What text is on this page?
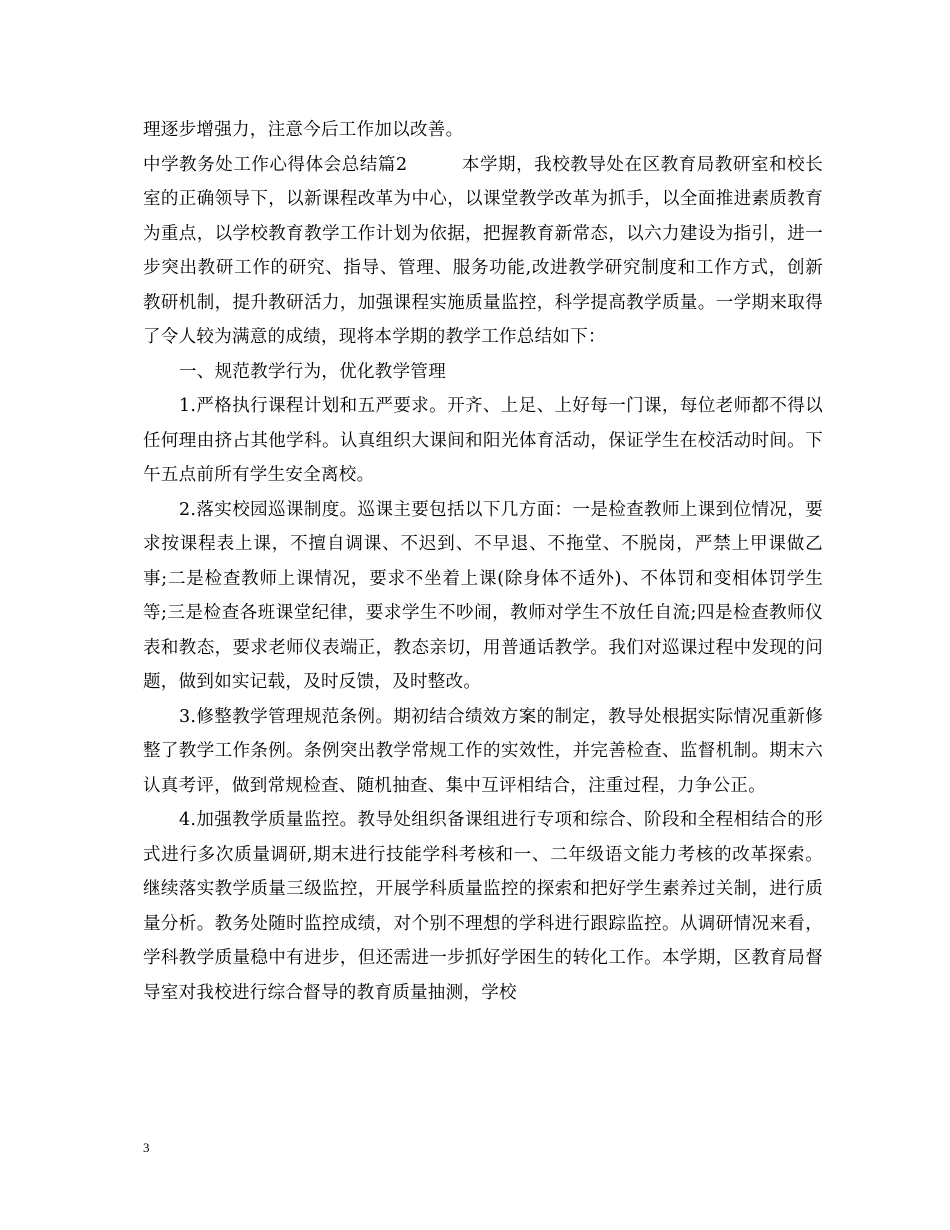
理逐步增强力，注意今后工作加以改善。

中学教务处工作心得体会总结篇2　　　本学期，我校教导处在区教育局教研室和校长室的正确领导下，以新课程改革为中心，以课堂教学改革为抓手，以全面推进素质教育为重点，以学校教育教学工作计划为依据，把握教育新常态，以六力建设为指引，进一步突出教研工作的研究、指导、管理、服务功能,改进教学研究制度和工作方式，创新教研机制，提升教研活力，加强课程实施质量监控，科学提高教学质量。一学期来取得了令人较为满意的成绩，现将本学期的教学工作总结如下：

一、规范教学行为，优化教学管理

1.严格执行课程计划和五严要求。开齐、上足、上好每一门课，每位老师都不得以任何理由挤占其他学科。认真组织大课间和阳光体育活动，保证学生在校活动时间。下午五点前所有学生安全离校。

2.落实校园巡课制度。巡课主要包括以下几方面：一是检查教师上课到位情况，要求按课程表上课，不擅自调课、不迟到、不早退、不拖堂、不脱岗，严禁上甲课做乙事;二是检查教师上课情况，要求不坐着上课(除身体不适外)、不体罚和变相体罚学生等;三是检查各班课堂纪律，要求学生不吵闹，教师对学生不放任自流;四是检查教师仪表和教态，要求老师仪表端正，教态亲切，用普通话教学。我们对巡课过程中发现的问题，做到如实记载，及时反馈，及时整改。

3.修整教学管理规范条例。期初结合绩效方案的制定，教导处根据实际情况重新修整了教学工作条例。条例突出教学常规工作的实效性，并完善检查、监督机制。期末六认真考评，做到常规检查、随机抽查、集中互评相结合，注重过程，力争公正。

4.加强教学质量监控。教导处组织备课组进行专项和综合、阶段和全程相结合的形式进行多次质量调研,期末进行技能学科考核和一、二年级语文能力考核的改革探索。继续落实教学质量三级监控，开展学科质量监控的探索和把好学生素养过关制，进行质量分析。教务处随时监控成绩，对个别不理想的学科进行跟踪监控。从调研情况来看，学科教学质量稳中有进步，但还需进一步抓好学困生的转化工作。本学期，区教育局督导室对我校进行综合督导的教育质量抽测，学校

3
